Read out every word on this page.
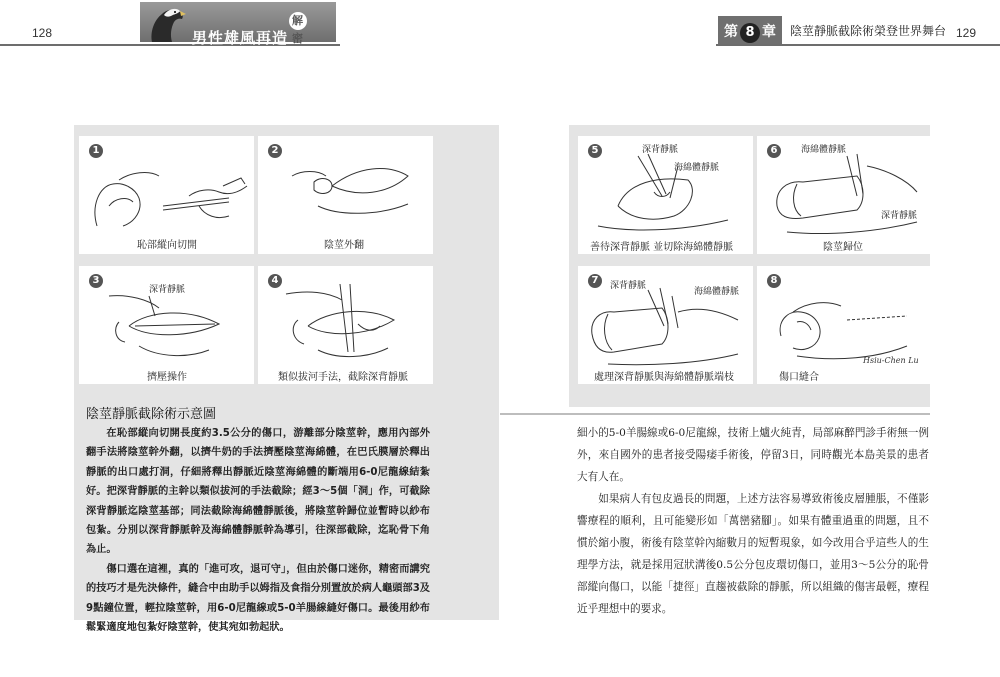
128	129
男性雄風再造解密	第 8 章 陰莖靜脈截除術榮登世界舞台
1
恥部縱向切開
2
陰莖外翻
3
深背靜脈
擠壓操作
4
類似拔河手法，截除深背靜脈
陰莖靜脈截除術示意圖

在恥部縱向切開長度約3.5公分的傷口，游離部分陰莖幹，應用內部外翻手法將陰莖幹外翻，以擠牛奶的手法擠壓陰莖海綿體，在巴氏膜層於釋出靜脈的出口處打洞，仔細將釋出靜脈近陰莖海綿體的斷端用6-0尼龍線結紮好。把深背靜脈的主幹以類似拔河的手法截除；經3～5個「洞」作，可截除深背靜脈迄陰莖基部；同法截除海綿體靜脈後，將陰莖幹歸位並暫時以紗布包紮。分別以深背靜脈幹及海綿體靜脈幹為導引，往深部截除，迄恥骨下角為止。

傷口選在這裡，真的「進可攻，退可守」，但由於傷口迷你，精密而講究的技巧才是先決條件，縫合中由助手以姆指及食指分別置放於病人龜頭部3及9點鐘位置，輕拉陰莖幹，用6-0尼龍線或5-0羊腸線縫好傷口。最後用紗布鬆緊適度地包紮好陰莖幹，使其宛如勃起狀。

5	深背靜脈
海綿體靜脈
善待深背靜脈 並切除海綿體靜脈
6	海綿體靜脈
深背靜脈
陰莖歸位
7	深背靜脈
海綿體靜脈
處理深背靜脈與海綿體靜脈端枝
8
Hsiu-Chen Lu
傷口縫合

細小的5-0羊腸線或6-0尼龍線，技術上爐火純青，局部麻醉門診手術無一例外，來自國外的患者接受陽痿手術後，停留3日，同時觀光本島美景的患者大有人在。

如果病人有包皮過長的問題，上述方法容易導致術後皮層腫脹，不僅影響療程的順利，且可能變形如「萬巒豬腳」。如果有體重過重的問題，且不慣於縮小腹，術後有陰莖幹內縮數月的短暫現象，如今改用合乎這些人的生理學方法，就是採用冠狀溝後0.5公分包皮環切傷口，並用3～5公分的恥骨部縱向傷口，以能「捷徑」直趨被截除的靜脈，所以組織的傷害最輕，療程近乎理想中的要求。
